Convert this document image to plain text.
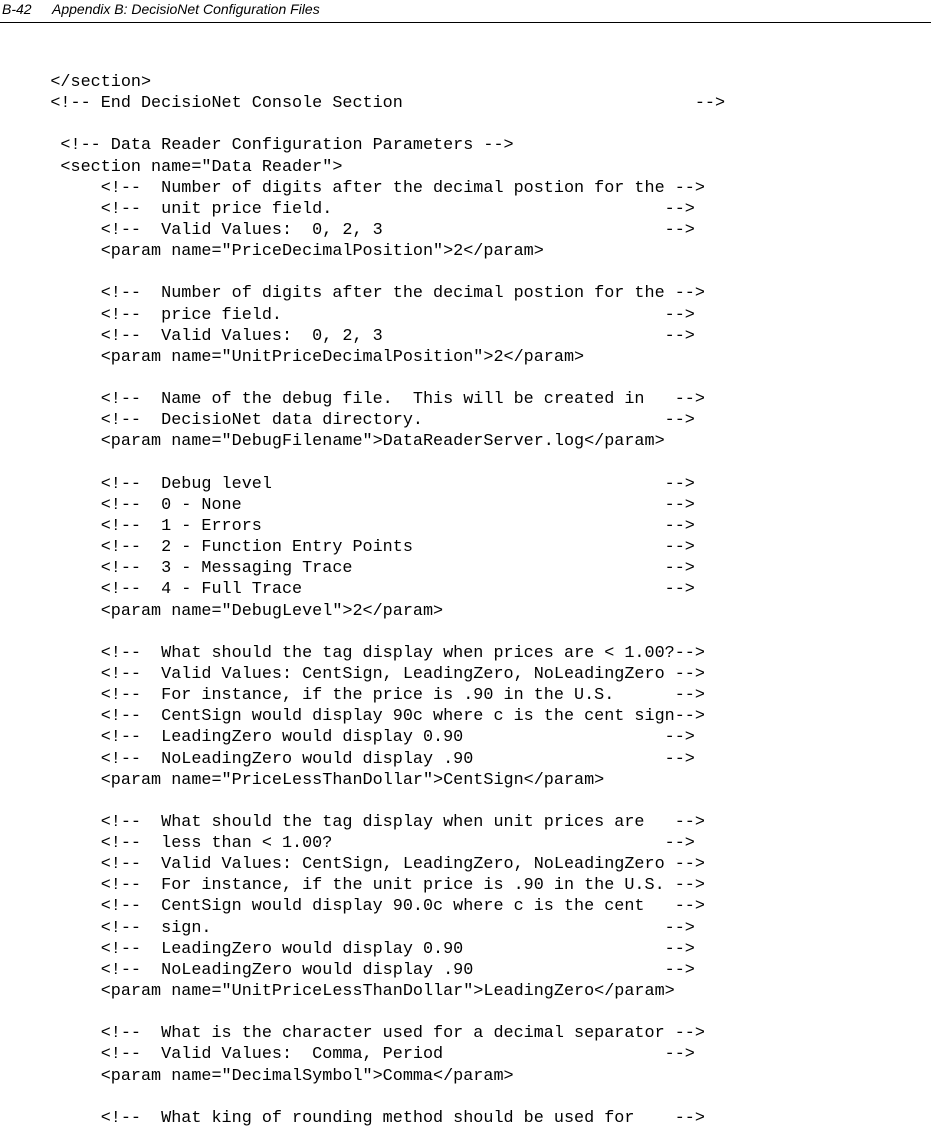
B-42 Appendix B: DecisioNet Configuration Files
</section>
<!-- End DecisioNet Console Section                             -->
<!-- Data Reader Configuration Parameters -->
<section name="Data Reader">
<!--  Number of digits after the decimal postion for the -->
<!--  unit price field.                                 -->
<!--  Valid Values:  0, 2, 3                            -->
<param name="PriceDecimalPosition">2</param>
<!--  Number of digits after the decimal postion for the -->
<!--  price field.                                      -->
<!--  Valid Values:  0, 2, 3                            -->
<param name="UnitPriceDecimalPosition">2</param>
<!--  Name of the debug file.  This will be created in   -->
<!--  DecisioNet data directory.                        -->
<param name="DebugFilename">DataReaderServer.log</param>
<!--  Debug level                                       -->
<!--  0 - None                                          -->
<!--  1 - Errors                                        -->
<!--  2 - Function Entry Points                         -->
<!--  3 - Messaging Trace                               -->
<!--  4 - Full Trace                                    -->
<param name="DebugLevel">2</param>
<!--  What should the tag display when prices are < 1.00?-->
<!--  Valid Values: CentSign, LeadingZero, NoLeadingZero -->
<!--  For instance, if the price is .90 in the U.S.      -->
<!--  CentSign would display 90c where c is the cent sign-->
<!--  LeadingZero would display 0.90                    -->
<!--  NoLeadingZero would display .90                   -->
<param name="PriceLessThanDollar">CentSign</param>
<!--  What should the tag display when unit prices are   -->
<!--  less than < 1.00?                                 -->
<!--  Valid Values: CentSign, LeadingZero, NoLeadingZero -->
<!--  For instance, if the unit price is .90 in the U.S. -->
<!--  CentSign would display 90.0c where c is the cent   -->
<!--  sign.                                             -->
<!--  LeadingZero would display 0.90                    -->
<!--  NoLeadingZero would display .90                   -->
<param name="UnitPriceLessThanDollar">LeadingZero</param>
<!--  What is the character used for a decimal separator -->
<!--  Valid Values:  Comma, Period                      -->
<param name="DecimalSymbol">Comma</param>
<!--  What king of rounding method should be used for    -->
